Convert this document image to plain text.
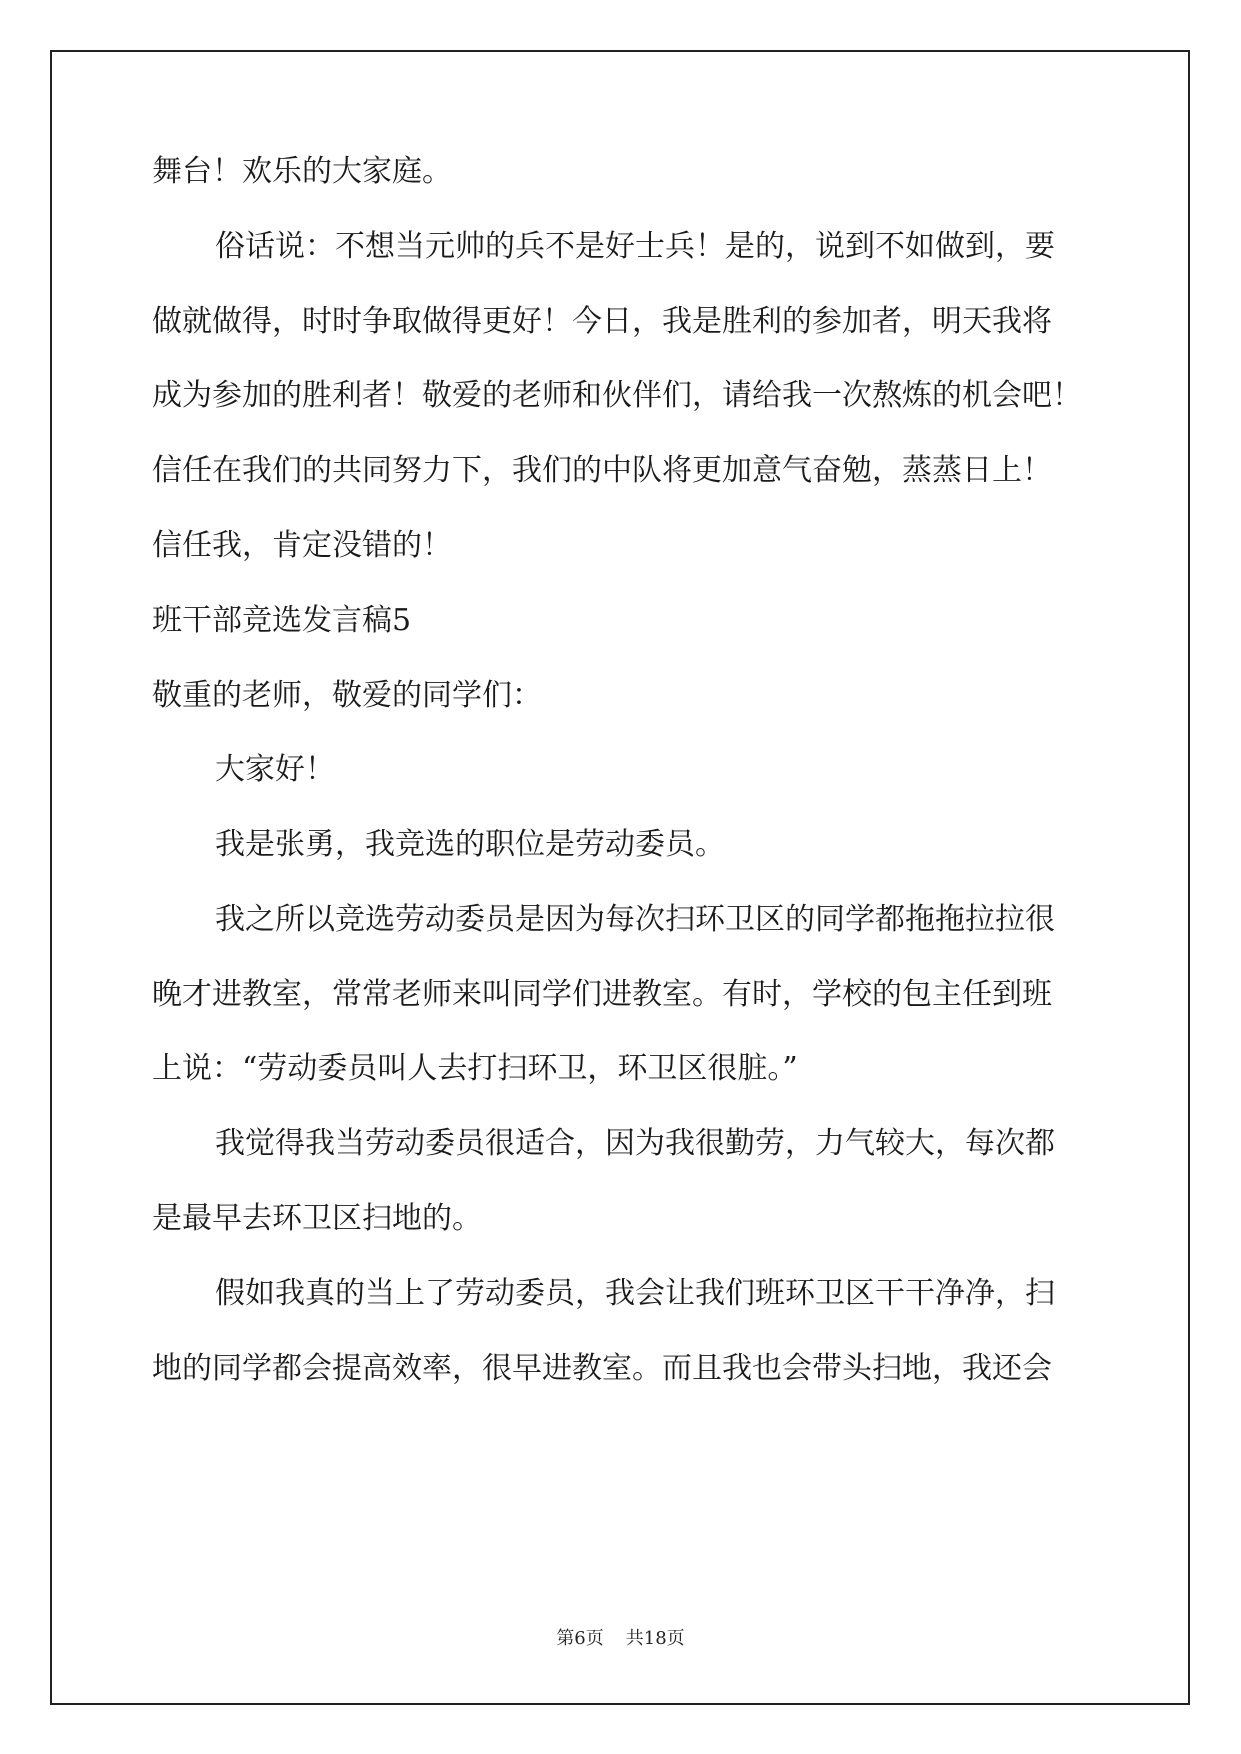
舞台！欢乐的大家庭。
俗话说：不想当元帅的兵不是好士兵！是的，说到不如做到，要
做就做得，时时争取做得更好！今日，我是胜利的参加者，明天我将
成为参加的胜利者！敬爱的老师和伙伴们，请给我一次熬炼的机会吧！
信任在我们的共同努力下，我们的中队将更加意气奋勉，蒸蒸日上！
信任我，肯定没错的！
班干部竞选发言稿5
敬重的老师，敬爱的同学们：
大家好！
我是张勇，我竞选的职位是劳动委员。
我之所以竞选劳动委员是因为每次扫环卫区的同学都拖拖拉拉很
晚才进教室，常常老师来叫同学们进教室。有时，学校的包主任到班
上说：“劳动委员叫人去打扫环卫，环卫区很脏。”
我觉得我当劳动委员很适合，因为我很勤劳，力气较大，每次都
是最早去环卫区扫地的。
假如我真的当上了劳动委员，我会让我们班环卫区干干净净，扫
地的同学都会提高效率，很早进教室。而且我也会带头扫地，我还会
第6页 共18页
